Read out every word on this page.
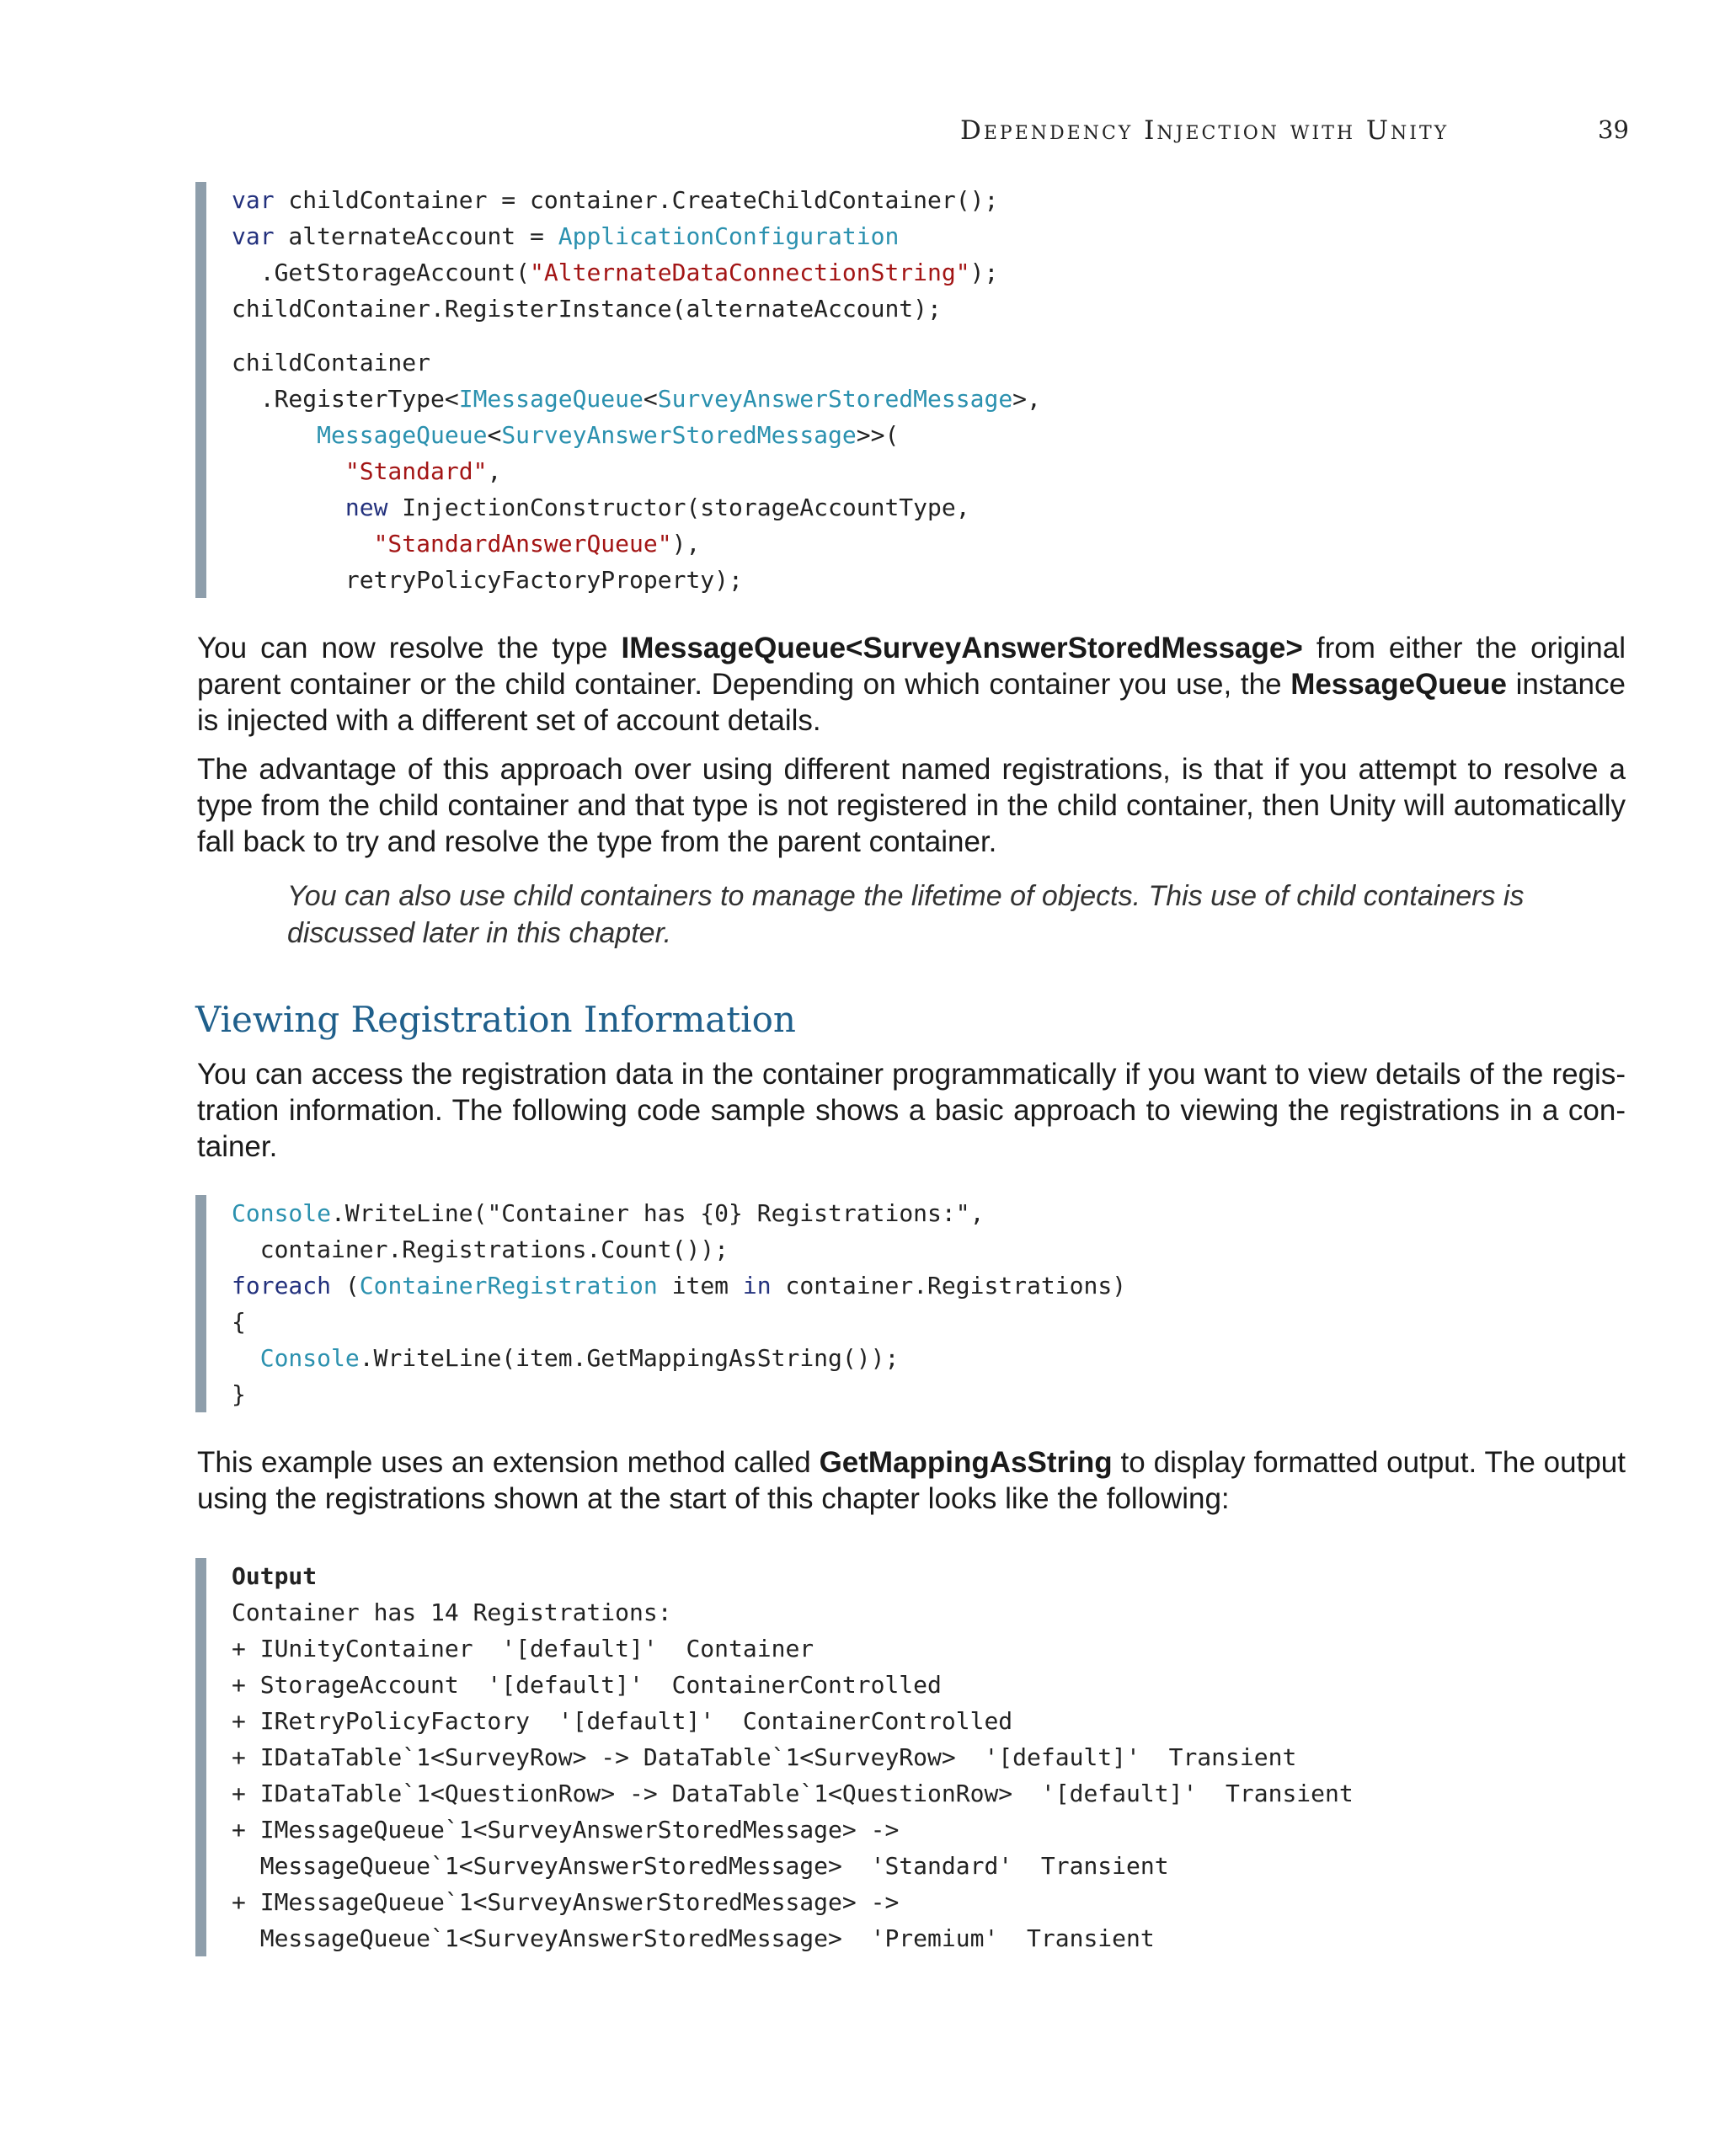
Dependency Injection with Unity	39
var childContainer = container.CreateChildContainer();
var alternateAccount = ApplicationConfiguration
.GetStorageAccount("AlternateDataConnectionString");
childContainer.RegisterInstance(alternateAccount);
childContainer
.RegisterType<IMessageQueue<SurveyAnswerStoredMessage>,
MessageQueue<SurveyAnswerStoredMessage>>(
"Standard",
new InjectionConstructor(storageAccountType,
"StandardAnswerQueue"),
retryPolicyFactoryProperty);

You can now resolve the type IMessageQueue<SurveyAnswerStoredMessage> from either the original parent container or the child container. Depending on which container you use, the MessageQueue instance is injected with a different set of account details.

The advantage of this approach over using different named registrations, is that if you attempt to resolve a type from the child container and that type is not registered in the child container, then Unity will automatically fall back to try and resolve the type from the parent container.

You can also use child containers to manage the lifetime of objects. This use of child containers is discussed later in this chapter.

Viewing Registration Information

You can access the registration data in the container programmatically if you want to view details of the registration information. The following code sample shows a basic approach to viewing the registrations in a container.

Console.WriteLine("Container has {0} Registrations:",
container.Registrations.Count());
foreach (ContainerRegistration item in container.Registrations)
{
Console.WriteLine(item.GetMappingAsString());
}

This example uses an extension method called GetMappingAsString to display formatted output. The output using the registrations shown at the start of this chapter looks like the following:

Output
Container has 14 Registrations:
+ IUnityContainer  '[default]'  Container
+ StorageAccount  '[default]'  ContainerControlled
+ IRetryPolicyFactory  '[default]'  ContainerControlled
+ IDataTable`1<SurveyRow> -> DataTable`1<SurveyRow>  '[default]'  Transient
+ IDataTable`1<QuestionRow> -> DataTable`1<QuestionRow>  '[default]'  Transient
+ IMessageQueue`1<SurveyAnswerStoredMessage> ->
MessageQueue`1<SurveyAnswerStoredMessage>  'Standard'  Transient
+ IMessageQueue`1<SurveyAnswerStoredMessage> ->
MessageQueue`1<SurveyAnswerStoredMessage>  'Premium'  Transient
